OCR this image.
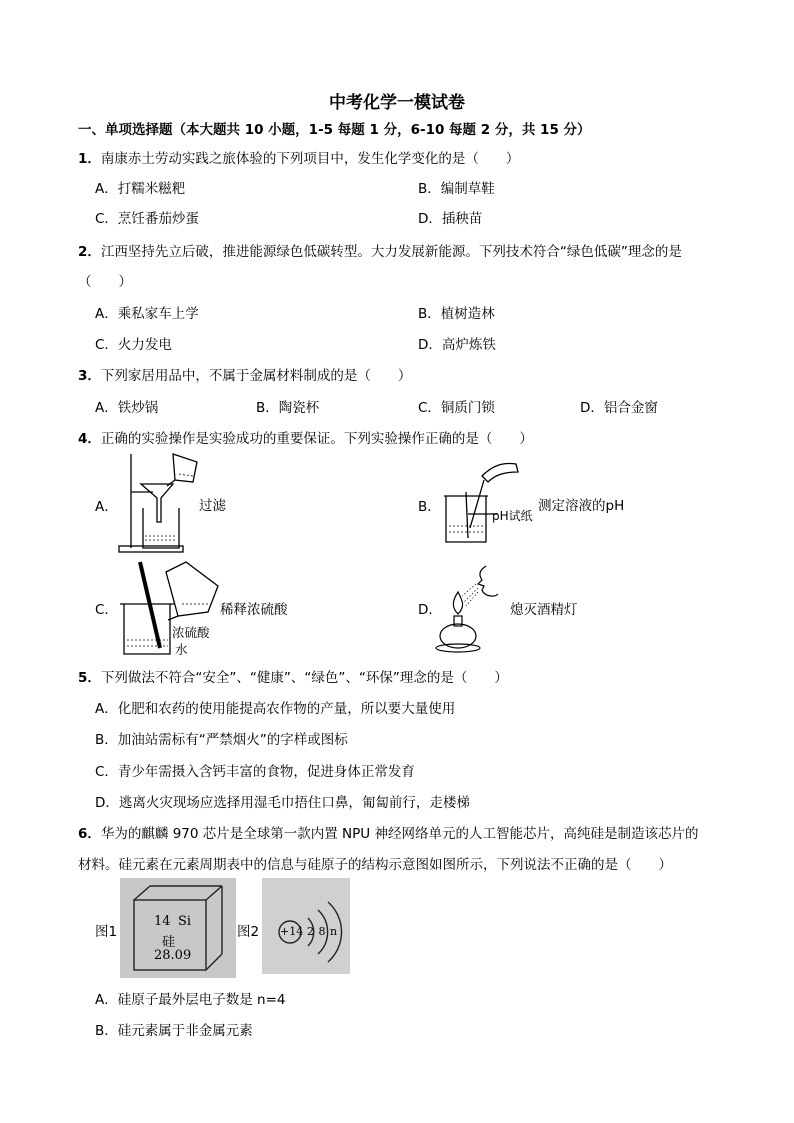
中考化学一模试卷
一、单项选择题（本大题共 10 小题，1-5 每题 1 分，6-10 每题 2 分，共 15 分）
1．南康赤土劳动实践之旅体验的下列项目中，发生化学变化的是（　　）
A．打糯米糍粑	B．编制草鞋
C．烹饪番茄炒蛋	D．插秧苗
2．江西坚持先立后破，推进能源绿色低碳转型。大力发展新能源。下列技术符合“绿色低碳”理念的是
（　　）
A．乘私家车上学	B．植树造林
C．火力发电	D．高炉炼铁
3．下列家居用品中，不属于金属材料制成的是（　　）
A．铁炒锅	B．陶瓷杯	C．铜质门锁	D．铝合金窗
4．正确的实验操作是实验成功的重要保证。下列实验操作正确的是（　　）
A．	过滤	B．
pH试纸
测定溶液的pH
C．	稀释浓硫酸
浓硫酸
水
D．	熄灭酒精灯
5．下列做法不符合“安全”、“健康”、“绿色”、“环保”理念的是（　　）
A．化肥和农药的使用能提高农作物的产量，所以要大量使用
B．加油站需标有“严禁烟火”的字样或图标
C．青少年需摄入含钙丰富的食物，促进身体正常发育
D．逃离火灾现场应选择用湿毛巾捂住口鼻，匍匐前行，走楼梯
6．华为的麒麟 970 芯片是全球第一款内置 NPU 神经网络单元的人工智能芯片，高纯硅是制造该芯片的
材料。硅元素在元素周期表中的信息与硅原子的结构示意图如图所示，下列说法不正确的是（　　）
图1
14 Si
硅
28.09
图2 +14 2 8 n
A．硅原子最外层电子数是 n=4
B．硅元素属于非金属元素
